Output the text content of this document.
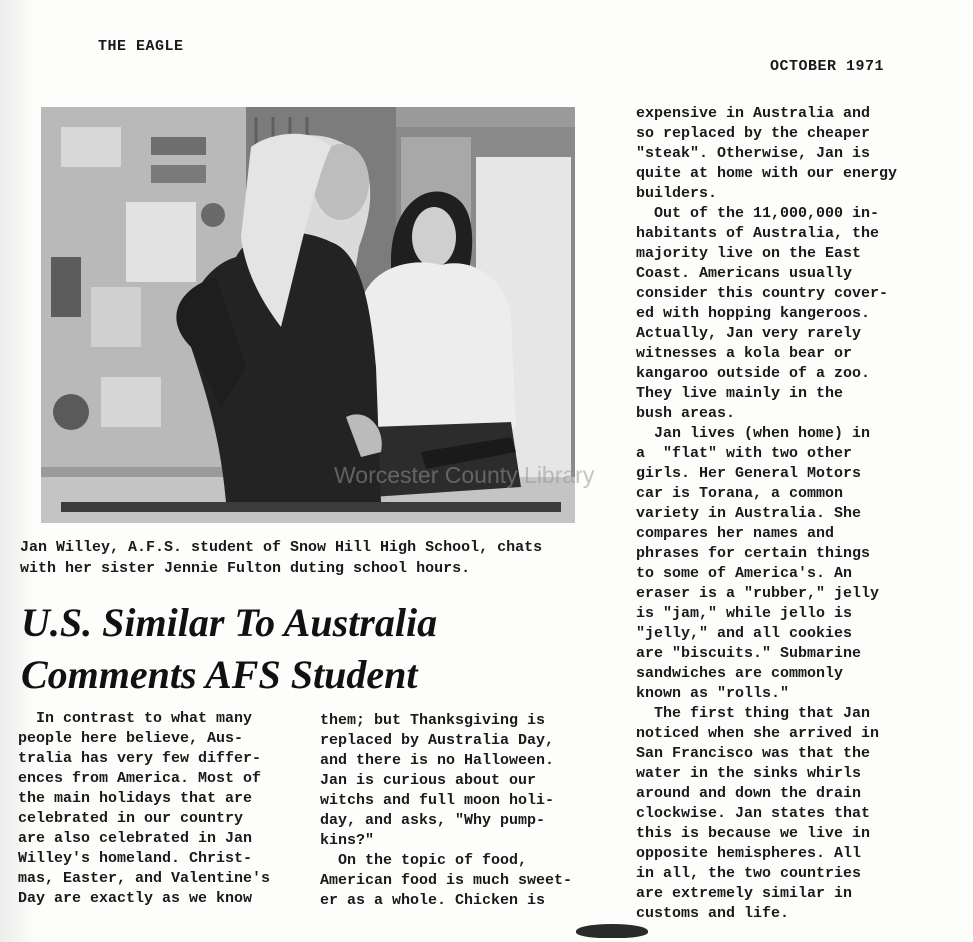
THE EAGLE
OCTOBER 1971
Worcester County Library
Jan Willey, A.F.S. student of Snow Hill High School, chats
with her sister Jennie Fulton duting school hours.
U.S. Similar To Australia
Comments AFS Student
In contrast to what many
people here believe, Aus-
tralia has very few differ-
ences from America. Most of
the main holidays that are
celebrated in our country
are also celebrated in Jan
Willey's homeland. Christ-
mas, Easter, and Valentine's
Day are exactly as we know
them; but Thanksgiving is
replaced by Australia Day,
and there is no Halloween.
Jan is curious about our
witchs and full moon holi-
day, and asks, "Why pump-
kins?"
On the topic of food,
American food is much sweet-
er as a whole. Chicken is
expensive in Australia and
so replaced by the cheaper
"steak". Otherwise, Jan is
quite at home with our energy
builders.
Out of the 11,000,000 in-
habitants of Australia, the
majority live on the East
Coast. Americans usually
consider this country cover-
ed with hopping kangeroos.
Actually, Jan very rarely
witnesses a kola bear or
kangaroo outside of a zoo.
They live mainly in the
bush areas.
Jan lives (when home) in
a  "flat" with two other
girls. Her General Motors
car is Torana, a common
variety in Australia. She
compares her names and
phrases for certain things
to some of America's. An
eraser is a "rubber," jelly
is "jam," while jello is
"jelly," and all cookies
are "biscuits." Submarine
sandwiches are commonly
known as "rolls."
The first thing that Jan
noticed when she arrived in
San Francisco was that the
water in the sinks whirls
around and down the drain
clockwise. Jan states that
this is because we live in
opposite hemispheres. All
in all, the two countries
are extremely similar in
customs and life.
